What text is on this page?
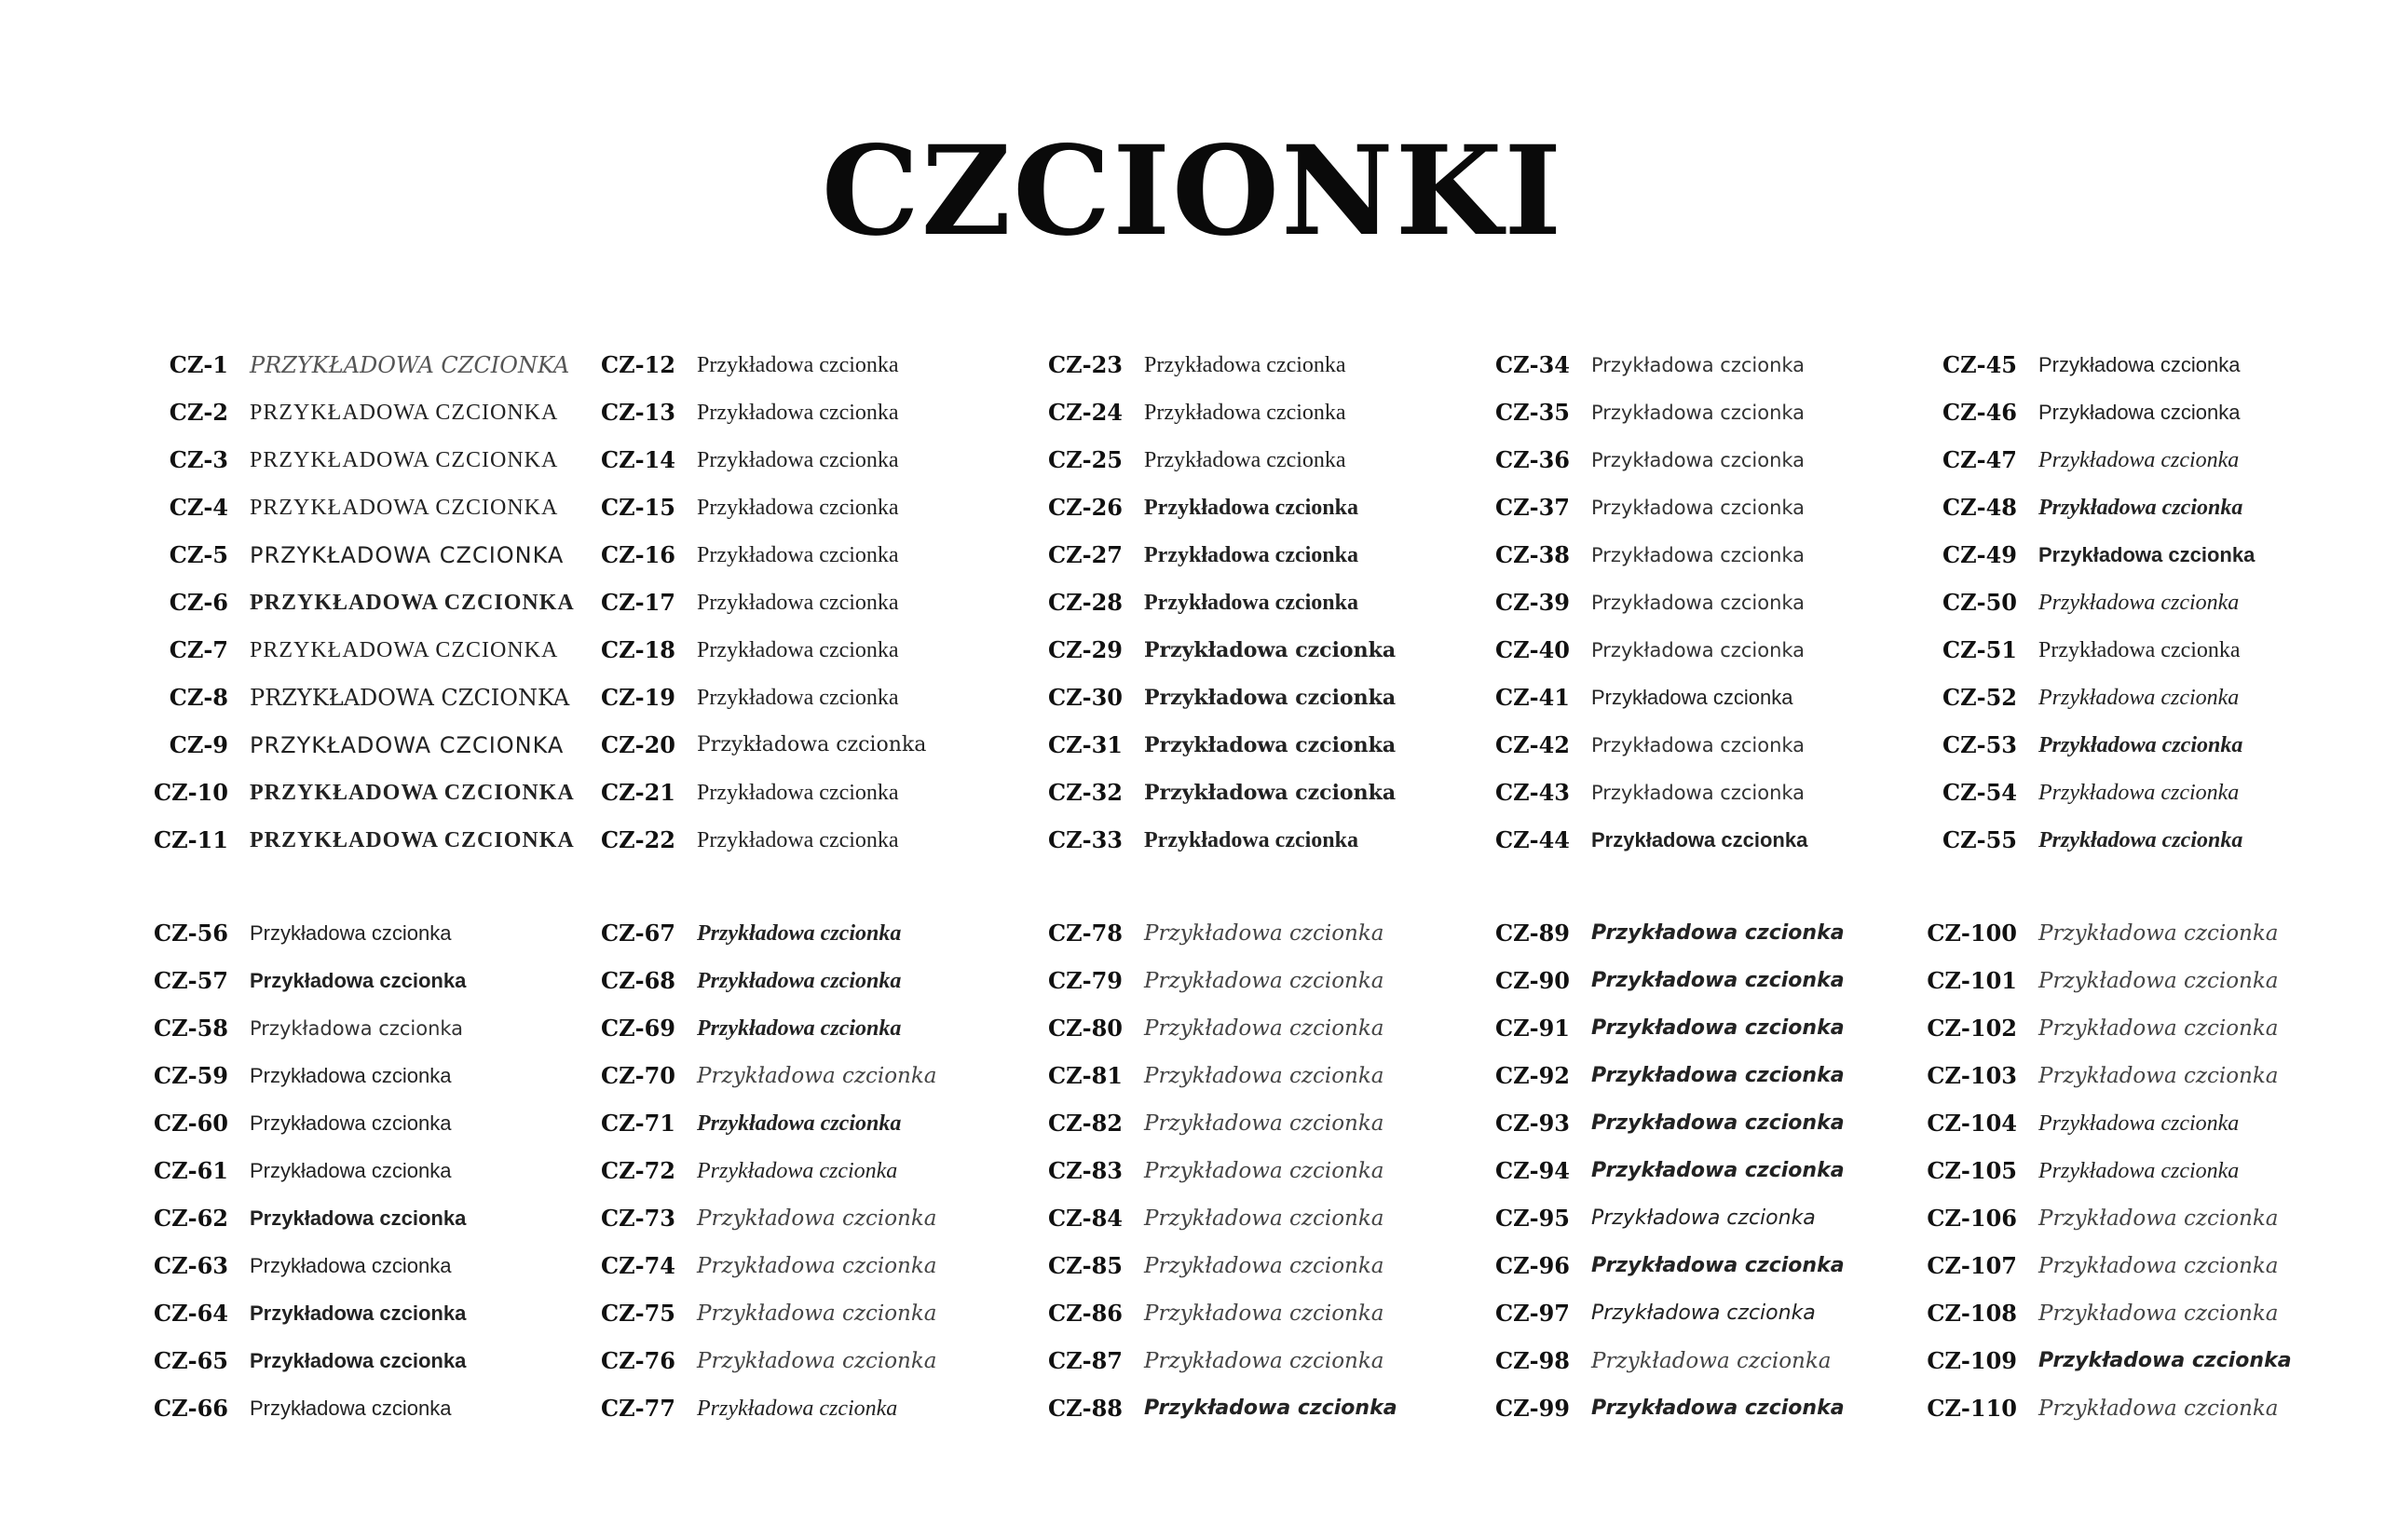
CZCIONKI
CZ-1 PRZYKŁADOWA CZCIONKA	CZ-12 Przykładowa czcionka	CZ-23 Przykładowa czcionka	CZ-34 Przykładowa czcionka	CZ-45 Przykładowa czcionka
CZ-2 PRZYKŁADOWA CZCIONKA	CZ-13 Przykładowa czcionka	CZ-24 Przykładowa czcionka	CZ-35 Przykładowa czcionka	CZ-46 Przykładowa czcionka
CZ-3 PRZYKŁADOWA CZCIONKA	CZ-14 Przykładowa czcionka	CZ-25 Przykładowa czcionka	CZ-36 Przykładowa czcionka	CZ-47 Przykładowa czcionka
CZ-4 PRZYKŁADOWA CZCIONKA	CZ-15 Przykładowa czcionka	CZ-26 Przykładowa czcionka	CZ-37 Przykładowa czcionka	CZ-48 Przykładowa czcionka
CZ-5 PRZYKŁADOWA CZCIONKA	CZ-16 Przykładowa czcionka	CZ-27 Przykładowa czcionka	CZ-38 Przykładowa czcionka	CZ-49 Przykładowa czcionka
CZ-6 PRZYKŁADOWA CZCIONKA	CZ-17 Przykładowa czcionka	CZ-28 Przykładowa czcionka	CZ-39 Przykładowa czcionka	CZ-50 Przykładowa czcionka
CZ-7 PRZYKŁADOWA CZCIONKA	CZ-18 Przykładowa czcionka	CZ-29 Przykładowa czcionka	CZ-40 Przykładowa czcionka	CZ-51 Przykładowa czcionka
CZ-8 PRZYKŁADOWA CZCIONKA	CZ-19 Przykładowa czcionka	CZ-30 Przykładowa czcionka	CZ-41 Przykładowa czcionka	CZ-52 Przykładowa czcionka
CZ-9 PRZYKŁADOWA CZCIONKA	CZ-20 Przykładowa czcionka	CZ-31 Przykładowa czcionka	CZ-42 Przykładowa czcionka	CZ-53 Przykładowa czcionka
CZ-10 PRZYKŁADOWA CZCIONKA	CZ-21 Przykładowa czcionka	CZ-32 Przykładowa czcionka	CZ-43 Przykładowa czcionka	CZ-54 Przykładowa czcionka
CZ-11 PRZYKŁADOWA CZCIONKA	CZ-22 Przykładowa czcionka	CZ-33 Przykładowa czcionka	CZ-44 Przykładowa czcionka	CZ-55 Przykładowa czcionka
CZ-56 Przykładowa czcionka	CZ-67 Przykładowa czcionka	CZ-78 Przykładowa czcionka	CZ-89 Przykładowa czcionka	CZ-100 Przykładowa czcionka
CZ-57 Przykładowa czcionka	CZ-68 Przykładowa czcionka	CZ-79 Przykładowa czcionka	CZ-90 Przykładowa czcionka	CZ-101 Przykładowa czcionka
CZ-58 Przykładowa czcionka	CZ-69 Przykładowa czcionka	CZ-80 Przykładowa czcionka	CZ-91 Przykładowa czcionka	CZ-102 Przykładowa czcionka
CZ-59 Przykładowa czcionka	CZ-70 Przykładowa czcionka	CZ-81 Przykładowa czcionka	CZ-92 Przykładowa czcionka	CZ-103 Przykładowa czcionka
CZ-60 Przykładowa czcionka	CZ-71 Przykładowa czcionka	CZ-82 Przykładowa czcionka	CZ-93 Przykładowa czcionka	CZ-104 Przykładowa czcionka
CZ-61 Przykładowa czcionka	CZ-72 Przykładowa czcionka	CZ-83 Przykładowa czcionka	CZ-94 Przykładowa czcionka	CZ-105 Przykładowa czcionka
CZ-62 Przykładowa czcionka	CZ-73 Przykładowa czcionka	CZ-84 Przykładowa czcionka	CZ-95 Przykładowa czcionka	CZ-106 Przykładowa czcionka
CZ-63 Przykładowa czcionka	CZ-74 Przykładowa czcionka	CZ-85 Przykładowa czcionka	CZ-96 Przykładowa czcionka	CZ-107 Przykładowa czcionka
CZ-64 Przykładowa czcionka	CZ-75 Przykładowa czcionka	CZ-86 Przykładowa czcionka	CZ-97 Przykładowa czcionka	CZ-108 Przykładowa czcionka
CZ-65 Przykładowa czcionka	CZ-76 Przykładowa czcionka	CZ-87 Przykładowa czcionka	CZ-98 Przykładowa czcionka	CZ-109 Przykładowa czcionka
CZ-66 Przykładowa czcionka	CZ-77 Przykładowa czcionka	CZ-88 Przykładowa czcionka	CZ-99 Przykładowa czcionka	CZ-110 Przykładowa czcionka
